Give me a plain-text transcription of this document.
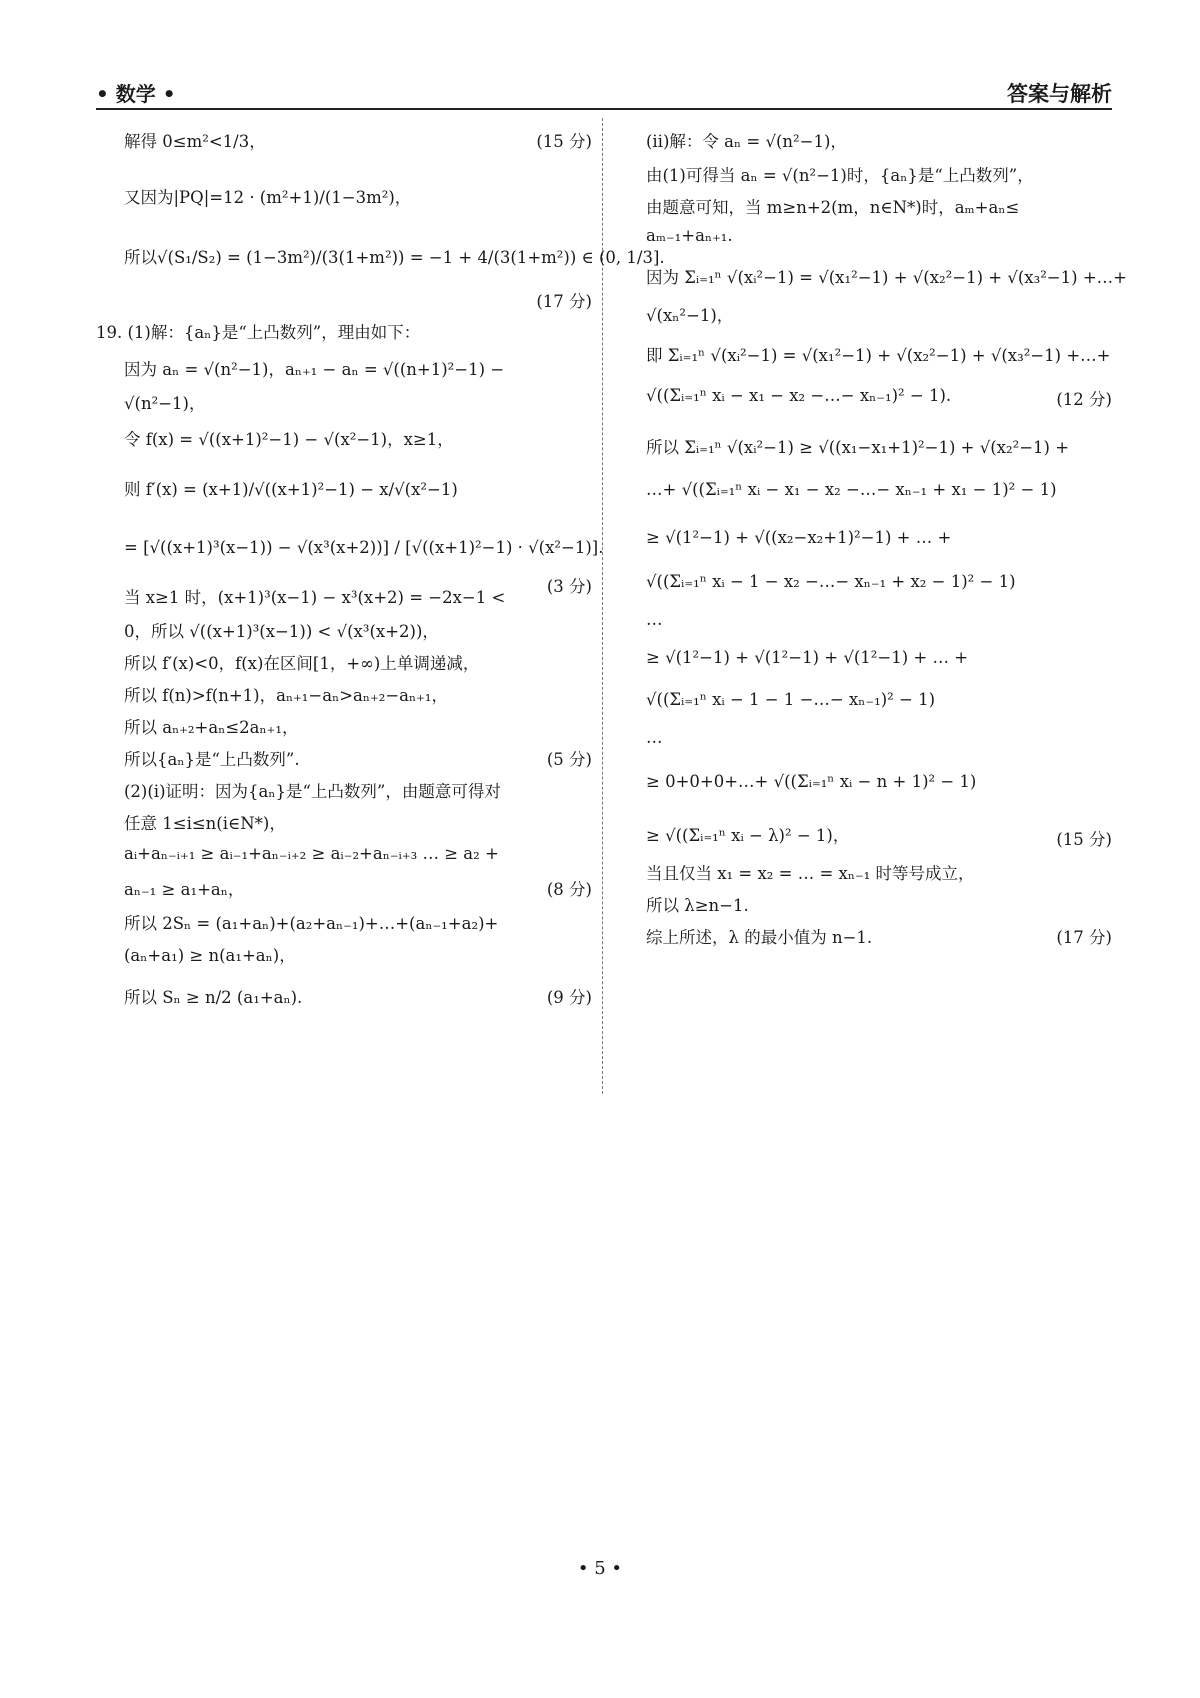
• 数学 •	答案与解析
解得 0≤m²<1/3，	(15 分)
又因为|PQ|=12 · (m²+1)/(1−3m²)，
所以√(S₁/S₂) = (1−3m²)/(3(1+m²)) = −1 + 4/(3(1+m²)) ∈ (0, 1/3].
(17 分)
19. (1)解：{aₙ}是“上凸数列”，理由如下：
因为 aₙ = √(n²−1)，aₙ₊₁ − aₙ = √((n+1)²−1) −
√(n²−1)，
令 f(x) = √((x+1)²−1) − √(x²−1)，x≥1，
则 f′(x) = (x+1)/√((x+1)²−1) − x/√(x²−1)
= [√((x+1)³(x−1)) − √(x³(x+2))] / [√((x+1)²−1) · √(x²−1)].
(3 分)
当 x≥1 时，(x+1)³(x−1) − x³(x+2) = −2x−1 <
0，所以 √((x+1)³(x−1)) < √(x³(x+2))，
所以 f′(x)<0，f(x)在区间[1，+∞)上单调递减，
所以 f(n)>f(n+1)，aₙ₊₁−aₙ>aₙ₊₂−aₙ₊₁，
所以 aₙ₊₂+aₙ≤2aₙ₊₁，
所以{aₙ}是“上凸数列”.	(5 分)
(2)(ⅰ)证明：因为{aₙ}是“上凸数列”，由题意可得对
任意 1≤i≤n(i∈N*)，
aᵢ+aₙ₋ᵢ₊₁ ≥ aᵢ₋₁+aₙ₋ᵢ₊₂ ≥ aᵢ₋₂+aₙ₋ᵢ₊₃ … ≥ a₂ +
aₙ₋₁ ≥ a₁+aₙ，	(8 分)
所以 2Sₙ = (a₁+aₙ)+(a₂+aₙ₋₁)+…+(aₙ₋₁+a₂)+
(aₙ+a₁) ≥ n(a₁+aₙ)，
所以 Sₙ ≥ n/2 (a₁+aₙ).	(9 分)
(ⅱ)解：令 aₙ = √(n²−1)，
由(1)可得当 aₙ = √(n²−1)时，{aₙ}是“上凸数列”，
由题意可知，当 m≥n+2(m，n∈N*)时，aₘ+aₙ≤
aₘ₋₁+aₙ₊₁.
因为 Σᵢ₌₁ⁿ √(xᵢ²−1) = √(x₁²−1) + √(x₂²−1) + √(x₃²−1) +…+
√(xₙ²−1)，
即 Σᵢ₌₁ⁿ √(xᵢ²−1) = √(x₁²−1) + √(x₂²−1) + √(x₃²−1) +…+
√((Σᵢ₌₁ⁿ xᵢ − x₁ − x₂ −…− xₙ₋₁)² − 1).	(12 分)
所以 Σᵢ₌₁ⁿ √(xᵢ²−1) ≥ √((x₁−x₁+1)²−1) + √(x₂²−1) +
…+ √((Σᵢ₌₁ⁿ xᵢ − x₁ − x₂ −…− xₙ₋₁ + x₁ − 1)² − 1)
≥ √(1²−1) + √((x₂−x₂+1)²−1) + … +
√((Σᵢ₌₁ⁿ xᵢ − 1 − x₂ −…− xₙ₋₁ + x₂ − 1)² − 1)
…
≥ √(1²−1) + √(1²−1) + √(1²−1) + … +
√((Σᵢ₌₁ⁿ xᵢ − 1 − 1 −…− xₙ₋₁)² − 1)
…
≥ 0+0+0+…+ √((Σᵢ₌₁ⁿ xᵢ − n + 1)² − 1)
≥ √((Σᵢ₌₁ⁿ xᵢ − λ)² − 1)，	(15 分)
当且仅当 x₁ = x₂ = … = xₙ₋₁ 时等号成立，
所以 λ≥n−1.
综上所述，λ 的最小值为 n−1.	(17 分)
• 5 •
